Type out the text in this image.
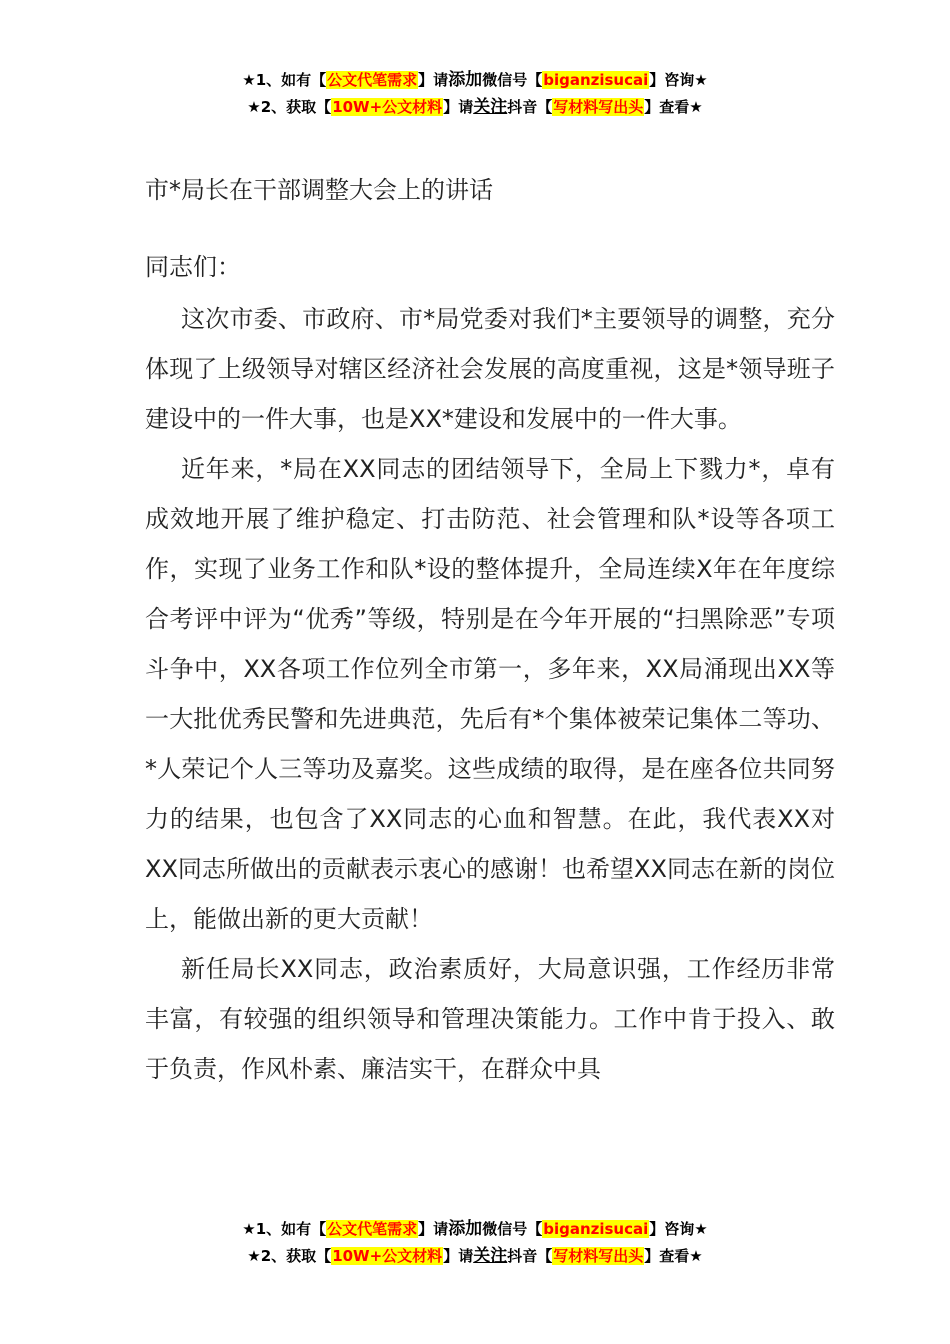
★1、如有【公文代笔需求】请添加微信号【biganzisucai】咨询★
★2、获取【10W+公文材料】请关注抖音【写材料写出头】查看★
市*局长在干部调整大会上的讲话
同志们：

这次市委、市政府、市*局党委对我们*主要领导的调整，充分体现了上级领导对辖区经济社会发展的高度重视，这是*领导班子建设中的一件大事，也是XX*建设和发展中的一件大事。

近年来，*局在XX同志的团结领导下，全局上下戮力*，卓有成效地开展了维护稳定、打击防范、社会管理和队*设等各项工作，实现了业务工作和队*设的整体提升，全局连续X年在年度综合考评中评为“优秀”等级，特别是在今年开展的“扫黑除恶”专项斗争中，XX各项工作位列全市第一，多年来，XX局涌现出XX等一大批优秀民警和先进典范，先后有*个集体被荣记集体二等功、*人荣记个人三等功及嘉奖。这些成绩的取得，是在座各位共同努力的结果，也包含了XX同志的心血和智慧。在此，我代表XX对XX同志所做出的贡献表示衷心的感谢！也希望XX同志在新的岗位上，能做出新的更大贡献！

新任局长XX同志，政治素质好，大局意识强，工作经历非常丰富，有较强的组织领导和管理决策能力。工作中肯于投入、敢于负责，作风朴素、廉洁实干，在群众中具

★1、如有【公文代笔需求】请添加微信号【biganzisucai】咨询★
★2、获取【10W+公文材料】请关注抖音【写材料写出头】查看★
